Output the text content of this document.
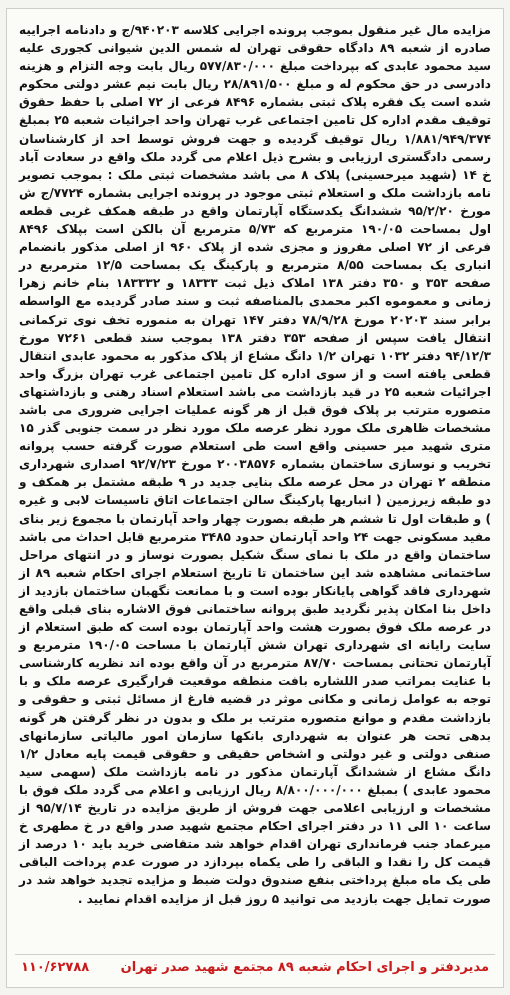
مزایده مال غیر منقول بموجب پرونده اجرایی کلاسه ۹۴۰۲۰۳/ج و دادنامه اجراییه صادره از شعبه ۸۹ دادگاه حقوقی تهران له شمس الدین شیوانی کجوری علیه سید محمود عابدی که بپرداخت مبلغ ۵۷۷/۸۳۰/۰۰۰ ریال بابت وجه التزام و هزینه دادرسی در حق محکوم له و مبلغ ۲۸/۸۹۱/۵۰۰ ریال بابت نیم عشر دولتی محکوم شده است یک فقره پلاک ثبتی بشماره ۸۴۹۶ فرعی از ۷۲ اصلی با حفظ حقوق توقیف مقدم اداره کل تامین اجتماعی غرب تهران واحد اجرائیات شعبه ۲۵ بمبلغ ۱/۸۸۱/۹۴۹/۳۷۴ ریال توقیف گردیده و جهت فروش توسط احد از کارشناسان رسمی دادگستری ارزیابی و بشرح ذیل اعلام می گردد ملک واقع در سعادت آباد خ ۱۴ (شهید میرحسینی) پلاک ۸ می باشد مشخصات ثبتی ملک : بموجب تصویر نامه بازداشت ملک و استعلام ثبتی موجود در پرونده اجرایی بشماره ۷۷۲۴/ج ش مورخ ۹۵/۲/۲۰ ششدانگ یکدستگاه آپارتمان واقع در طبقه همکف غربی قطعه اول بمساحت ۱۹۰/۰۵ مترمربع که ۵/۷۳ مترمربع آن بالکن است بپلاک ۸۴۹۶ فرعی از ۷۲ اصلی مفروز و مجزی شده از پلاک ۹۶۰ از اصلی مذکور بانضمام انباری یک بمساحت ۸/۵۵ مترمربع و پارکینگ یک بمساحت ۱۲/۵ مترمربع در صفحه ۳۵۳ و ۳۵۰ دفتر ۱۳۸ املاک ذیل ثبت ۱۸۳۳۳ و ۱۸۳۳۳۲ بنام خانم زهرا زمانی و معموموه اکبر محمدی بالمناصفه ثبت و سند صادر گردیده مع الواسطه برابر سند ۲۰۲۰۳ مورخ ۷۸/۹/۲۸ دفتر ۱۴۷ تهران به منموره تخف نوی ترکمانی انتقال یافت سپس از صفحه ۳۵۳ دفتر ۱۳۸ بموجب سند قطعی ۷۲۶۱ مورخ ۹۴/۱۲/۳ دفتر ۱۰۳۲ تهران ۱/۲ دانگ مشاع از پلاک مذکور به محمود عابدی انتقال قطعی یافته است و از سوی اداره کل تامین اجتماعی غرب تهران بزرگ واحد اجرائیات شعبه ۲۵ در قید بازداشت می باشد استعلام اسناد رهنی و بازداشتهای متصوره مترتب بر پلاک فوق قبل از هر گونه عملیات اجرایی ضروری می باشد مشخصات ظاهری ملک مورد نظر عرصه ملک مورد نظر در سمت جنوبی گذر ۱۵ متری شهید میر حسینی واقع است طی استعلام صورت گرفته حسب پروانه تخریب و نوسازی ساختمان بشماره ۲۰۰۳۸۵۷۶ مورخ ۹۲/۷/۲۳ اصداری شهرداری منطقه ۲ تهران در محل عرصه ملک بنایی جدید در ۹ طبقه مشتمل بر همکف و دو طبقه زیرزمین ( انباریها پارکینگ سالن اجتماعات اتاق تاسیسات لابی و غیره ) و طبقات اول تا ششم هر طبقه بصورت چهار واحد آپارتمان با مجموع زیر بنای مفید مسکونی جهت ۲۴ واحد آپارتمان حدود ۳۴۸۵ مترمربع قابل احداث می باشد ساختمان واقع در ملک با نمای سنگ شکیل بصورت نوساز و در انتهای مراحل ساختمانی مشاهده شد این ساختمان تا تاریخ استعلام اجرای احکام شعبه ۸۹ از شهرداری فاقد گواهی پایانکار بوده است و با ممانعت نگهبان ساختمان بازدید از داخل بنا امکان پذیر نگردید طبق پروانه ساختمانی فوق الاشاره بنای قبلی واقع در عرصه ملک فوق بصورت هشت واحد آپارتمان بوده است که طبق استعلام از سایت رایانه ای شهرداری تهران شش آپارتمان با مساحت ۱۹۰/۰۵ مترمربع و آپارتمان تحتانی بمساحت ۸۷/۷۰ مترمربع در آن واقع بوده اند نظریه کارشناسی با عنایت بمراتب صدر اللشاره بافت منطقه موقعیت قرارگیری عرصه ملک و با توجه به عوامل زمانی و مکانی موثر در قضیه فارغ از مسائل ثبتی و حقوقی و بازداشت مقدم و موانع متصوره مترتب بر ملک و بدون در نظر گرفتن هر گونه بدهی تحت هر عنوان به شهرداری بانکها سازمان امور مالیاتی سازمانهای صنفی دولتی و غیر دولتی و اشخاص حقیقی و حقوقی قیمت پایه معادل ۱/۲ دانگ مشاع از ششدانگ آپارتمان مذکور در نامه بازداشت ملک (سهمی سید محمود عابدی ) بمبلغ ۸/۸۰۰/۰۰۰/۰۰۰ ریال ارزیابی و اعلام می گردد ملک فوق با مشخصات و ارزیابی اعلامی جهت فروش از طریق مزایده در تاریخ ۹۵/۷/۱۴ از ساعت ۱۰ الی ۱۱ در دفتر اجرای احکام مجتمع شهید صدر واقع در خ مطهری خ میرعماد جنب فرمانداری تهران اقدام خواهد شد متقاضی خرید باید ۱۰ درصد از قیمت کل را نقدا و الباقی را طی یکماه بپردازد در صورت عدم پرداخت الباقی طی یک ماه مبلغ پرداختی بنفع صندوق دولت ضبط و مزایده تجدید خواهد شد در صورت تمایل جهت بازدید می توانید ۵ روز قبل از مزایده اقدام نمایید .

مدیردفتر و اجرای احکام شعبه ۸۹ مجتمع شهید صدر تهران
۱۱۰/۶۲۷۸۸
